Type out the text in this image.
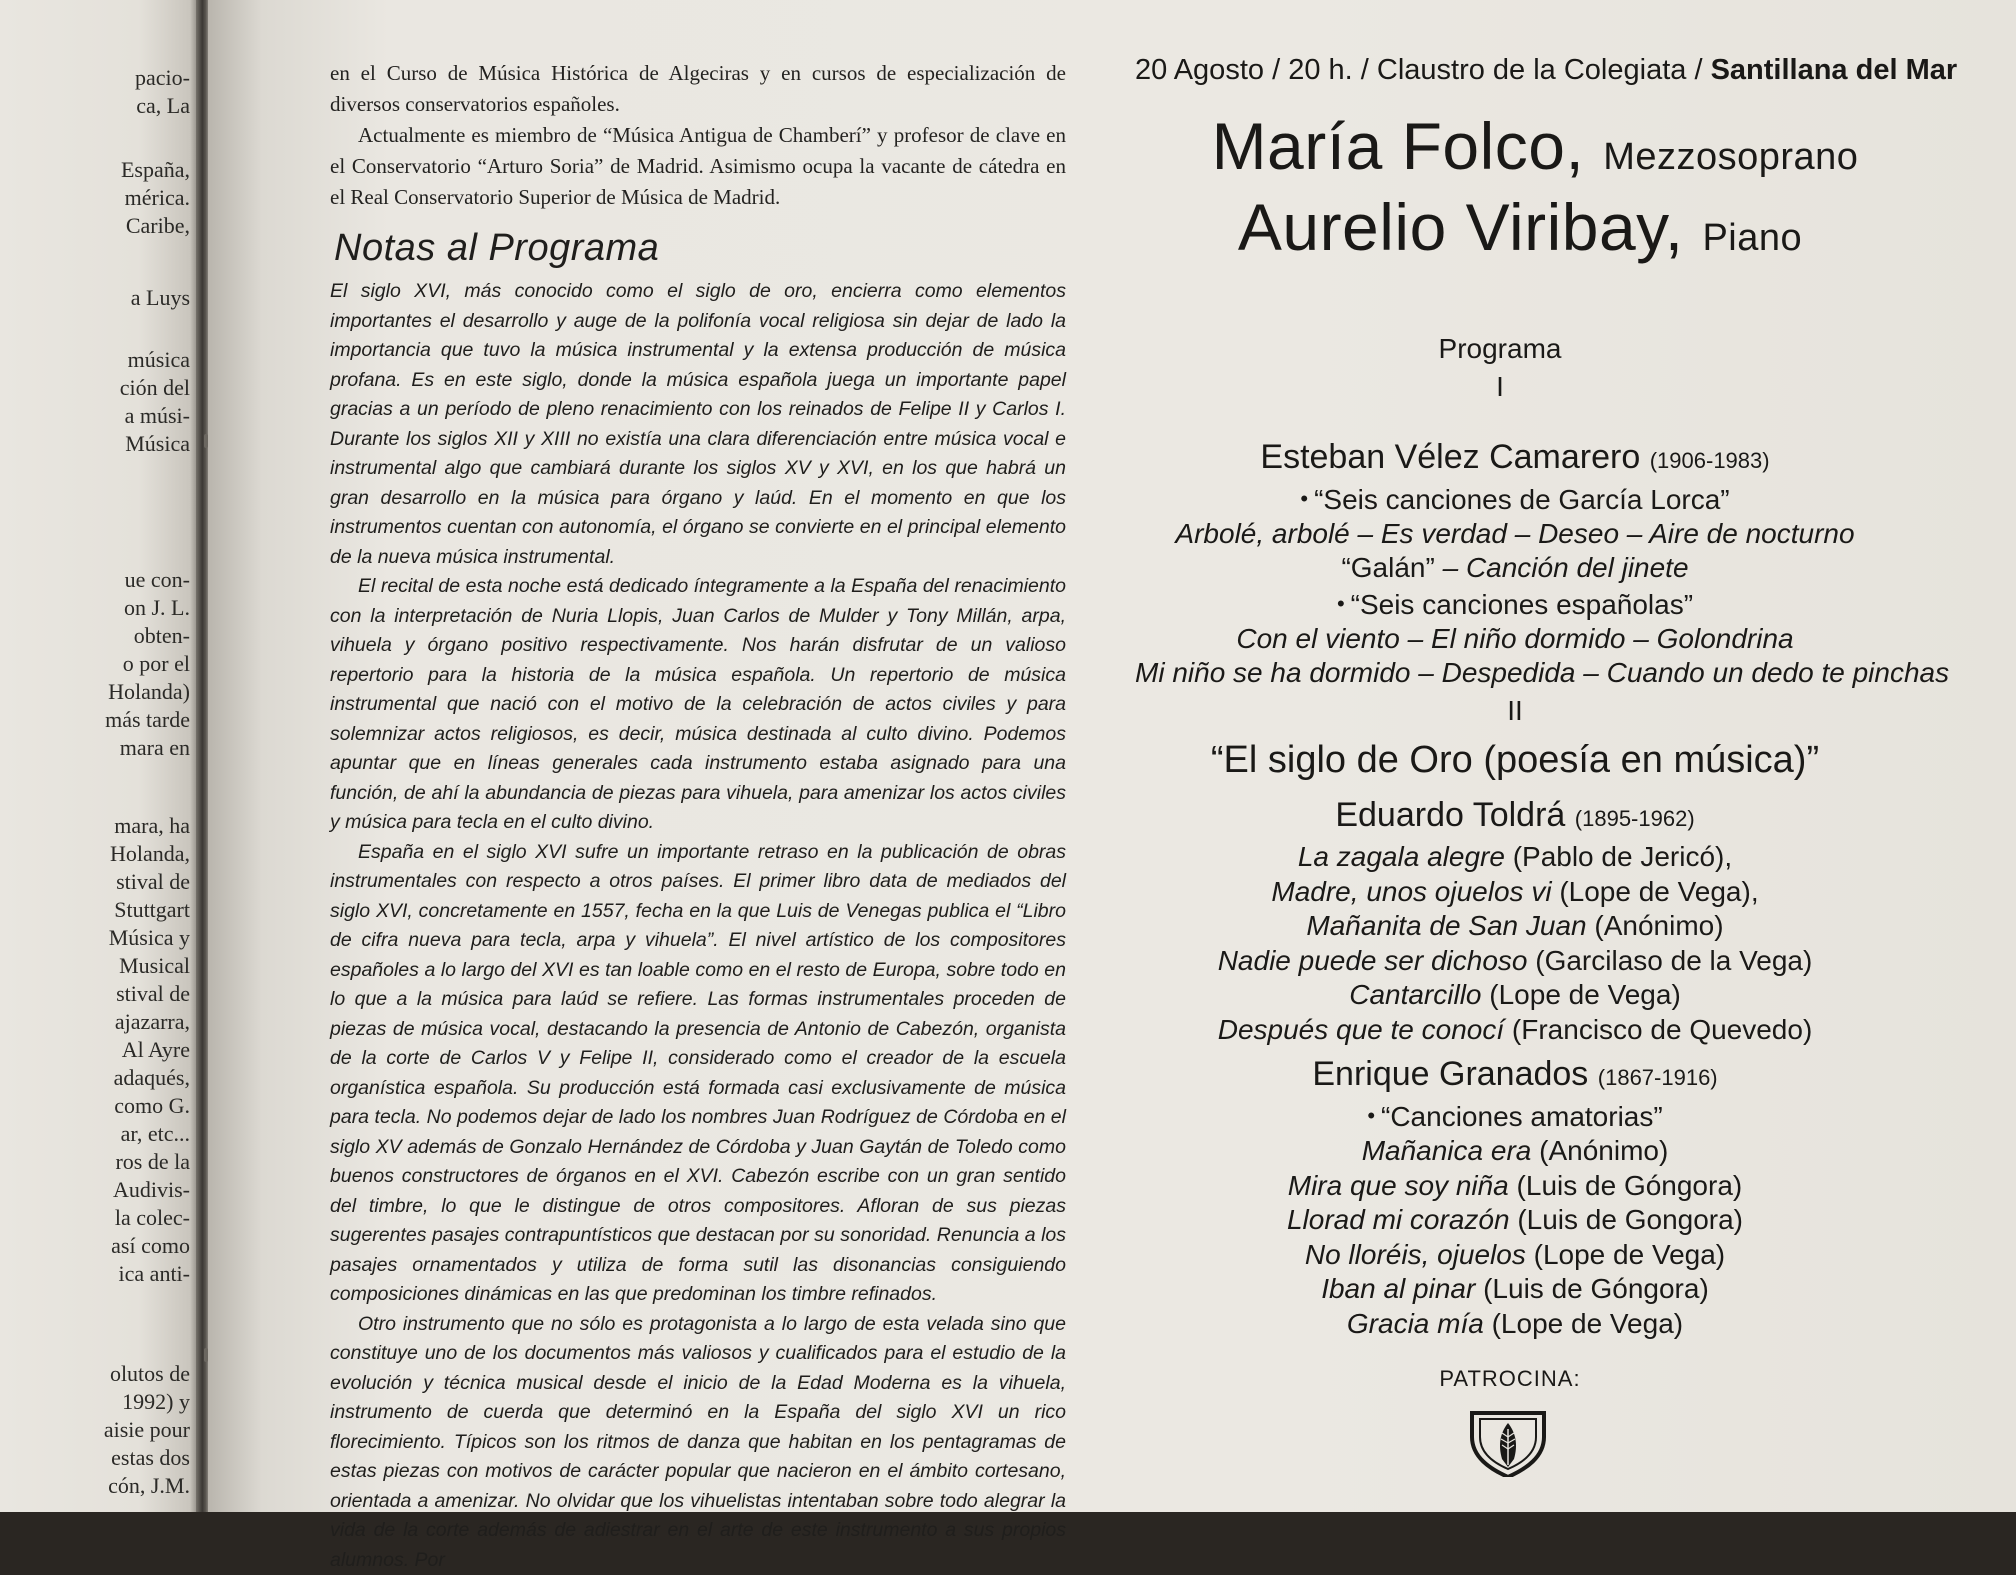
pacio-
ca, La
España,
mérica.
Caribe,
a Luys
música
ción del
a músi-
Música
ue con-
on J. L.
obten-
o por el
Holanda)
más tarde
mara en
mara, ha
Holanda,
stival de
Stuttgart
Música y
Musical
stival de
ajazarra,
Al Ayre
adaqués,
como G.
ar, etc...
ros de la
Audivis-
la colec-
así como
ica anti-
olutos de
1992) y
aisie pour
estas dos
cón, J.M.

en el Curso de Música Histórica de Algeciras y en cursos de especialización de diversos conservatorios españoles.

Actualmente es miembro de “Música Antigua de Chamberí” y profesor de clave en el Conservatorio “Arturo Soria” de Madrid. Asimismo ocupa la vacante de cátedra en el Real Conservatorio Superior de Música de Madrid.

Notas al Programa

El siglo XVI, más conocido como el siglo de oro, encierra como elementos importantes el desarrollo y auge de la polifonía vocal religiosa sin dejar de lado la importancia que tuvo la música instrumental y la extensa producción de música profana. Es en este siglo, donde la música española juega un importante papel gracias a un período de pleno renacimiento con los reinados de Felipe II y Carlos I. Durante los siglos XII y XIII no existía una clara diferenciación entre música vocal e instrumental algo que cambiará durante los siglos XV y XVI, en los que habrá un gran desarrollo en la música para órgano y laúd. En el momento en que los instrumentos cuentan con autonomía, el órgano se convierte en el principal elemento de la nueva música instrumental.

El recital de esta noche está dedicado íntegramente a la España del renacimiento con la interpretación de Nuria Llopis, Juan Carlos de Mulder y Tony Millán, arpa, vihuela y órgano positivo respectivamente. Nos harán disfrutar de un valioso repertorio para la historia de la música española. Un repertorio de música instrumental que nació con el motivo de la celebración de actos civiles y para solemnizar actos religiosos, es decir, música destinada al culto divino. Podemos apuntar que en líneas generales cada instrumento estaba asignado para una función, de ahí la abundancia de piezas para vihuela, para amenizar los actos civiles y música para tecla en el culto divino.

España en el siglo XVI sufre un importante retraso en la publicación de obras instrumentales con respecto a otros países. El primer libro data de mediados del siglo XVI, concretamente en 1557, fecha en la que Luis de Venegas publica el “Libro de cifra nueva para tecla, arpa y vihuela”. El nivel artístico de los compositores españoles a lo largo del XVI es tan loable como en el resto de Europa, sobre todo en lo que a la música para laúd se refiere. Las formas instrumentales proceden de piezas de música vocal, destacando la presencia de Antonio de Cabezón, organista de la corte de Carlos V y Felipe II, considerado como el creador de la escuela organística española. Su producción está formada casi exclusivamente de música para tecla. No podemos dejar de lado los nombres Juan Rodríguez de Córdoba en el siglo XV además de Gonzalo Hernández de Córdoba y Juan Gaytán de Toledo como buenos constructores de órganos en el XVI. Cabezón escribe con un gran sentido del timbre, lo que le distingue de otros compositores. Afloran de sus piezas sugerentes pasajes contrapuntísticos que destacan por su sonoridad. Renuncia a los pasajes ornamentados y utiliza de forma sutil las disonancias consiguiendo composiciones dinámicas en las que predominan los timbre refinados.

Otro instrumento que no sólo es protagonista a lo largo de esta velada sino que constituye uno de los documentos más valiosos y cualificados para el estudio de la evolución y técnica musical desde el inicio de la Edad Moderna es la vihuela, instrumento de cuerda que determinó en la España del siglo XVI un rico florecimiento. Típicos son los ritmos de danza que habitan en los pentagramas de estas piezas con motivos de carácter popular que nacieron en el ámbito cortesano, orientada a amenizar. No olvidar que los vihuelistas intentaban sobre todo alegrar la vida de la corte además de adiestrar en el arte de este instrumento a sus propios alumnos. Por

20 Agosto / 20 h. / Claustro de la Colegiata / Santillana del Mar
María Folco, Mezzosoprano
Aurelio Viribay, Piano
Programa
I
Esteban Vélez Camarero (1906-1983)
• “Seis canciones de García Lorca”
Arbolé, arbolé – Es verdad – Deseo – Aire de nocturno
“Galán” – Canción del jinete
• “Seis canciones españolas”
Con el viento – El niño dormido – Golondrina
Mi niño se ha dormido – Despedida – Cuando un dedo te pinchas
II
“El siglo de Oro (poesía en música)”
Eduardo Toldrá (1895-1962)
La zagala alegre (Pablo de Jericó),
Madre, unos ojuelos vi (Lope de Vega),
Mañanita de San Juan (Anónimo)
Nadie puede ser dichoso (Garcilaso de la Vega)
Cantarcillo (Lope de Vega)
Después que te conocí (Francisco de Quevedo)
Enrique Granados (1867-1916)
• “Canciones amatorias”
Mañanica era (Anónimo)
Mira que soy niña (Luis de Góngora)
Llorad mi corazón (Luis de Gongora)
No lloréis, ojuelos (Lope de Vega)
Iban al pinar (Luis de Góngora)
Gracia mía (Lope de Vega)
PATROCINA:
